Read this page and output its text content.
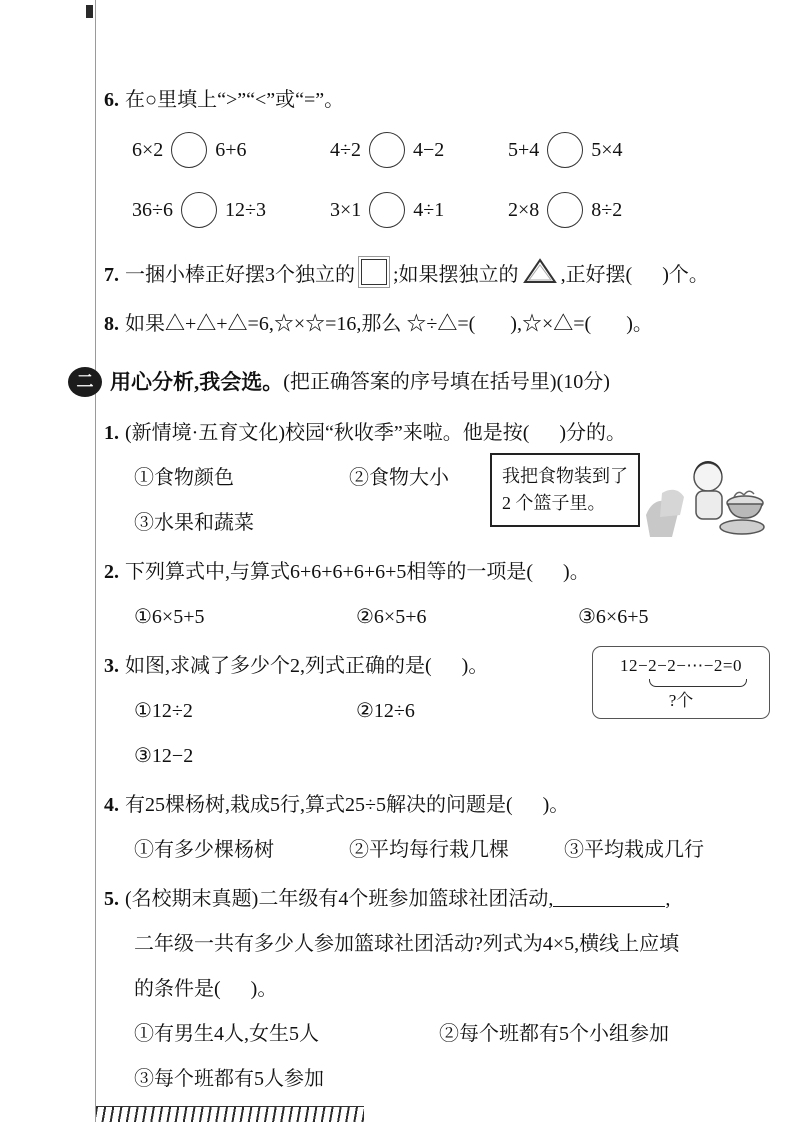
6. 在○里填上“>”“<”或“=”。
6×2	6+6	4÷2	4−2	5+4	5×4
36÷6	12÷3	3×1	4÷1	2×8	8÷2
7. 一捆小棒正好摆3个独立的 ;如果摆独立的 ,正好摆(      )个。
8. 如果△+△+△=6,☆×☆=16,那么 ☆÷△=(       ),☆×△=(       )。
二 用心分析,我会选。 (把正确答案的序号填在括号里)(10分)
1. (新情境·五育文化)校园“秋收季”来啦。他是按(      )分的。
①食物颜色	②食物大小
③水果和蔬菜
我把食物装到了
2 个篮子里。
2. 下列算式中,与算式6+6+6+6+6+5相等的一项是(      )。
①6×5+5	②6×5+6	③6×6+5
3. 如图,求减了多少个2,列式正确的是(      )。
①12÷2	②12÷6
③12−2
12−2−2−⋯−2=0
?个
4. 有25棵杨树,栽成5行,算式25÷5解决的问题是(      )。
①有多少棵杨树	②平均每行栽几棵	③平均栽成几行
5. (名校期末真题)二年级有4个班参加篮球社团活动,	,
二年级一共有多少人参加篮球社团活动?列式为4×5,横线上应填
的条件是(      )。
①有男生4人,女生5人	②每个班都有5个小组参加
③每个班都有5人参加
